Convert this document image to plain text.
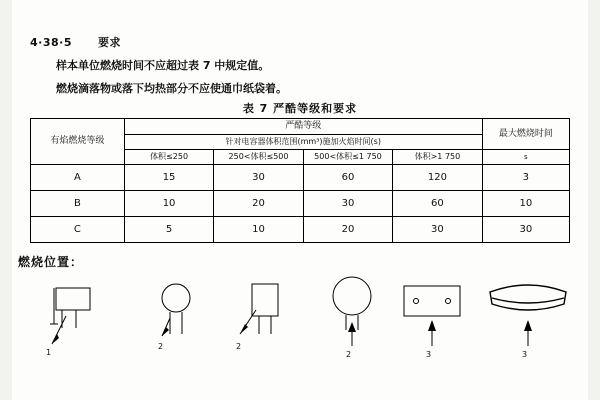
4·38·5 要求
样本单位燃烧时间不应超过表 7 中规定值。
燃烧滴落物或落下均热部分不应使通巾纸袋着。
表 7 严酷等级和要求
有焰燃烧等级	严酷等级				最大燃烧时间
	针对电容器体积范围(mm³)施加火焰时间(s)				
	体积≤250	250<体积≤500	500<体积≤1 750	体积>1 750	s
A	15	30	60	120	3
B	10	20	30	60	10
C	5	10	20	30	30
燃烧位置：
1
2	2
2	3	3
